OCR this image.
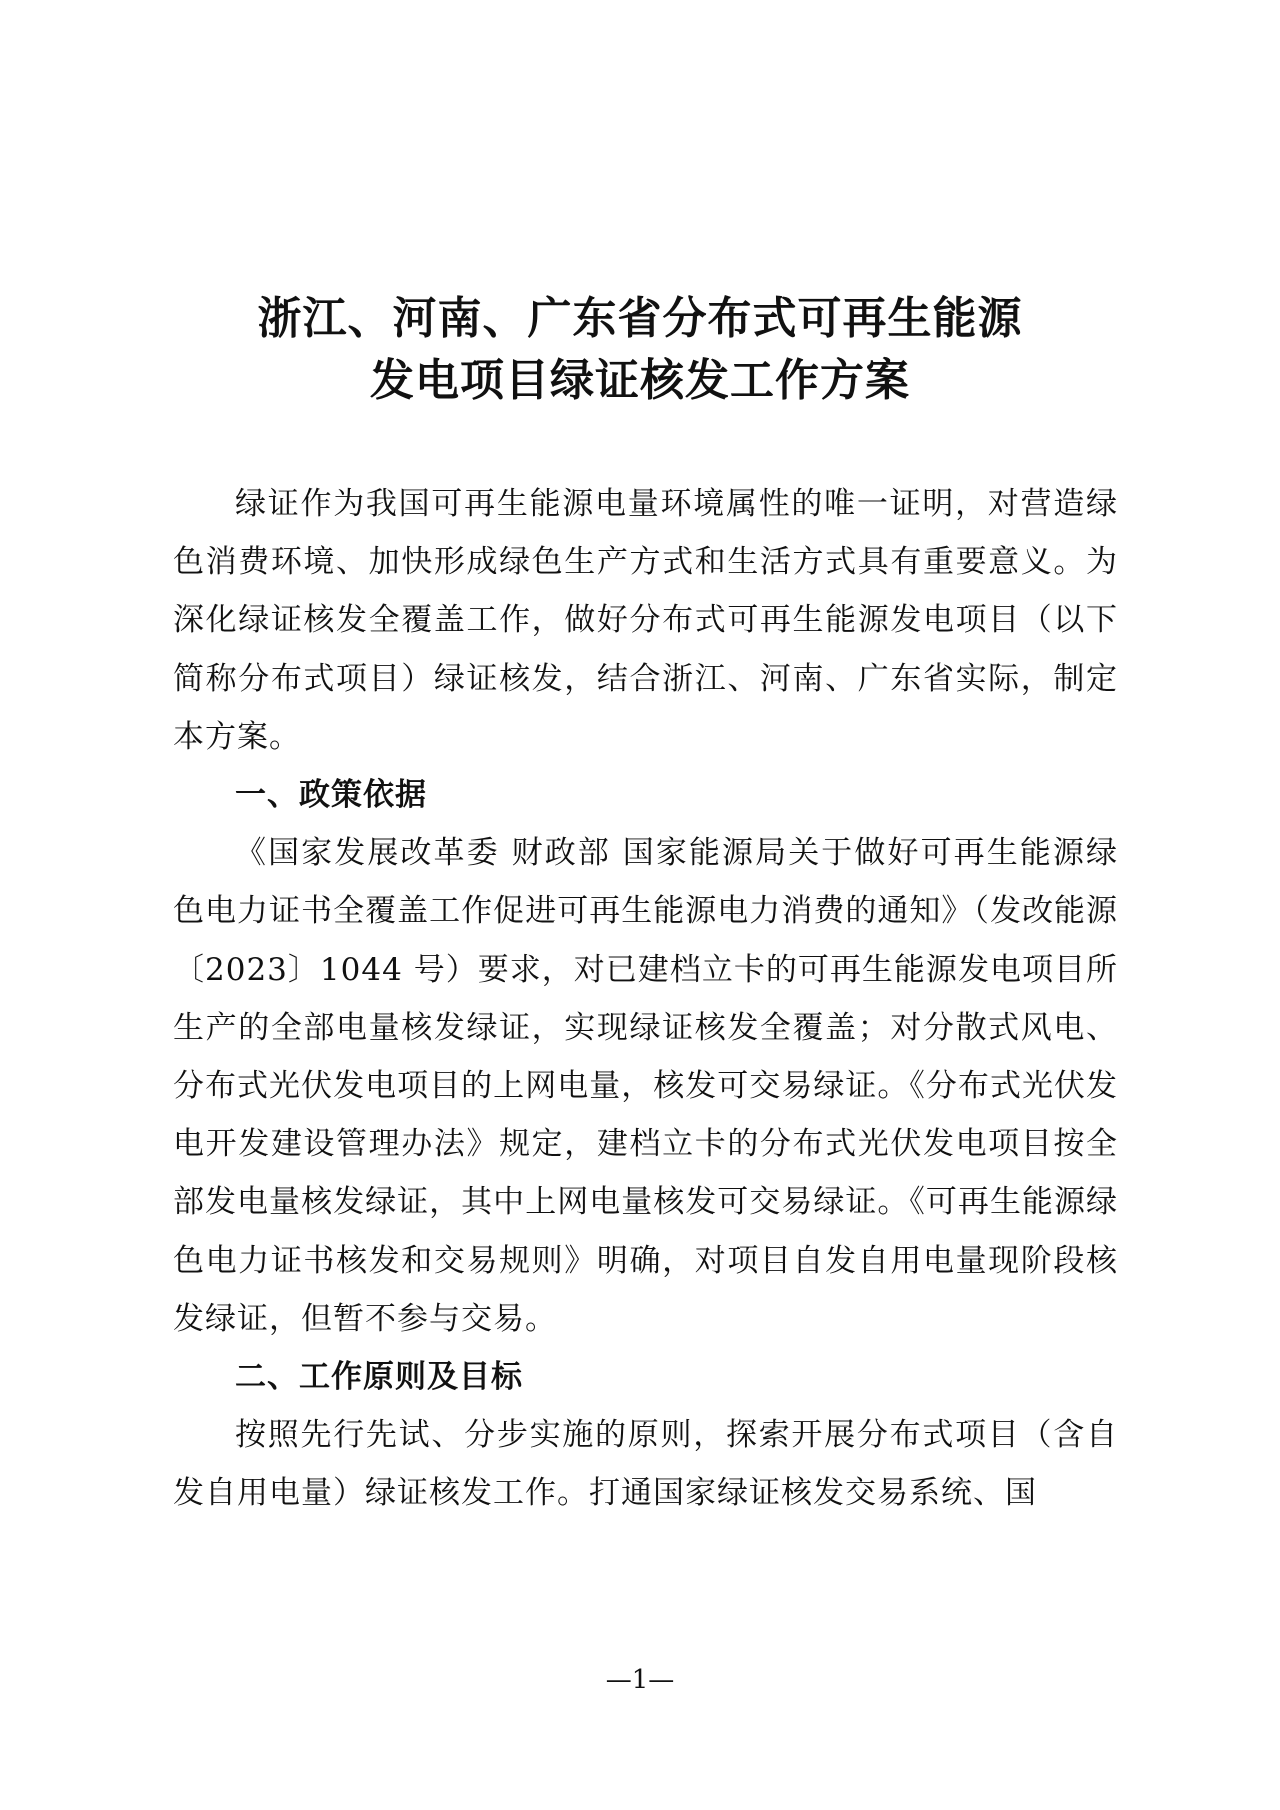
浙江、河南、广东省分布式可再生能源
发电项目绿证核发工作方案

绿证作为我国可再生能源电量环境属性的唯一证明，对营造绿色消费环境、加快形成绿色生产方式和生活方式具有重要意义。为深化绿证核发全覆盖工作，做好分布式可再生能源发电项目（以下简称分布式项目）绿证核发，结合浙江、河南、广东省实际，制定本方案。

一、政策依据

《国家发展改革委 财政部 国家能源局关于做好可再生能源绿色电力证书全覆盖工作促进可再生能源电力消费的通知》（发改能源〔2023〕1044 号）要求，对已建档立卡的可再生能源发电项目所生产的全部电量核发绿证，实现绿证核发全覆盖；对分散式风电、分布式光伏发电项目的上网电量，核发可交易绿证。《分布式光伏发电开发建设管理办法》规定，建档立卡的分布式光伏发电项目按全部发电量核发绿证，其中上网电量核发可交易绿证。《可再生能源绿色电力证书核发和交易规则》明确，对项目自发自用电量现阶段核发绿证，但暂不参与交易。

二、工作原则及目标

按照先行先试、分步实施的原则，探索开展分布式项目（含自发自用电量）绿证核发工作。打通国家绿证核发交易系统、国

—1—
